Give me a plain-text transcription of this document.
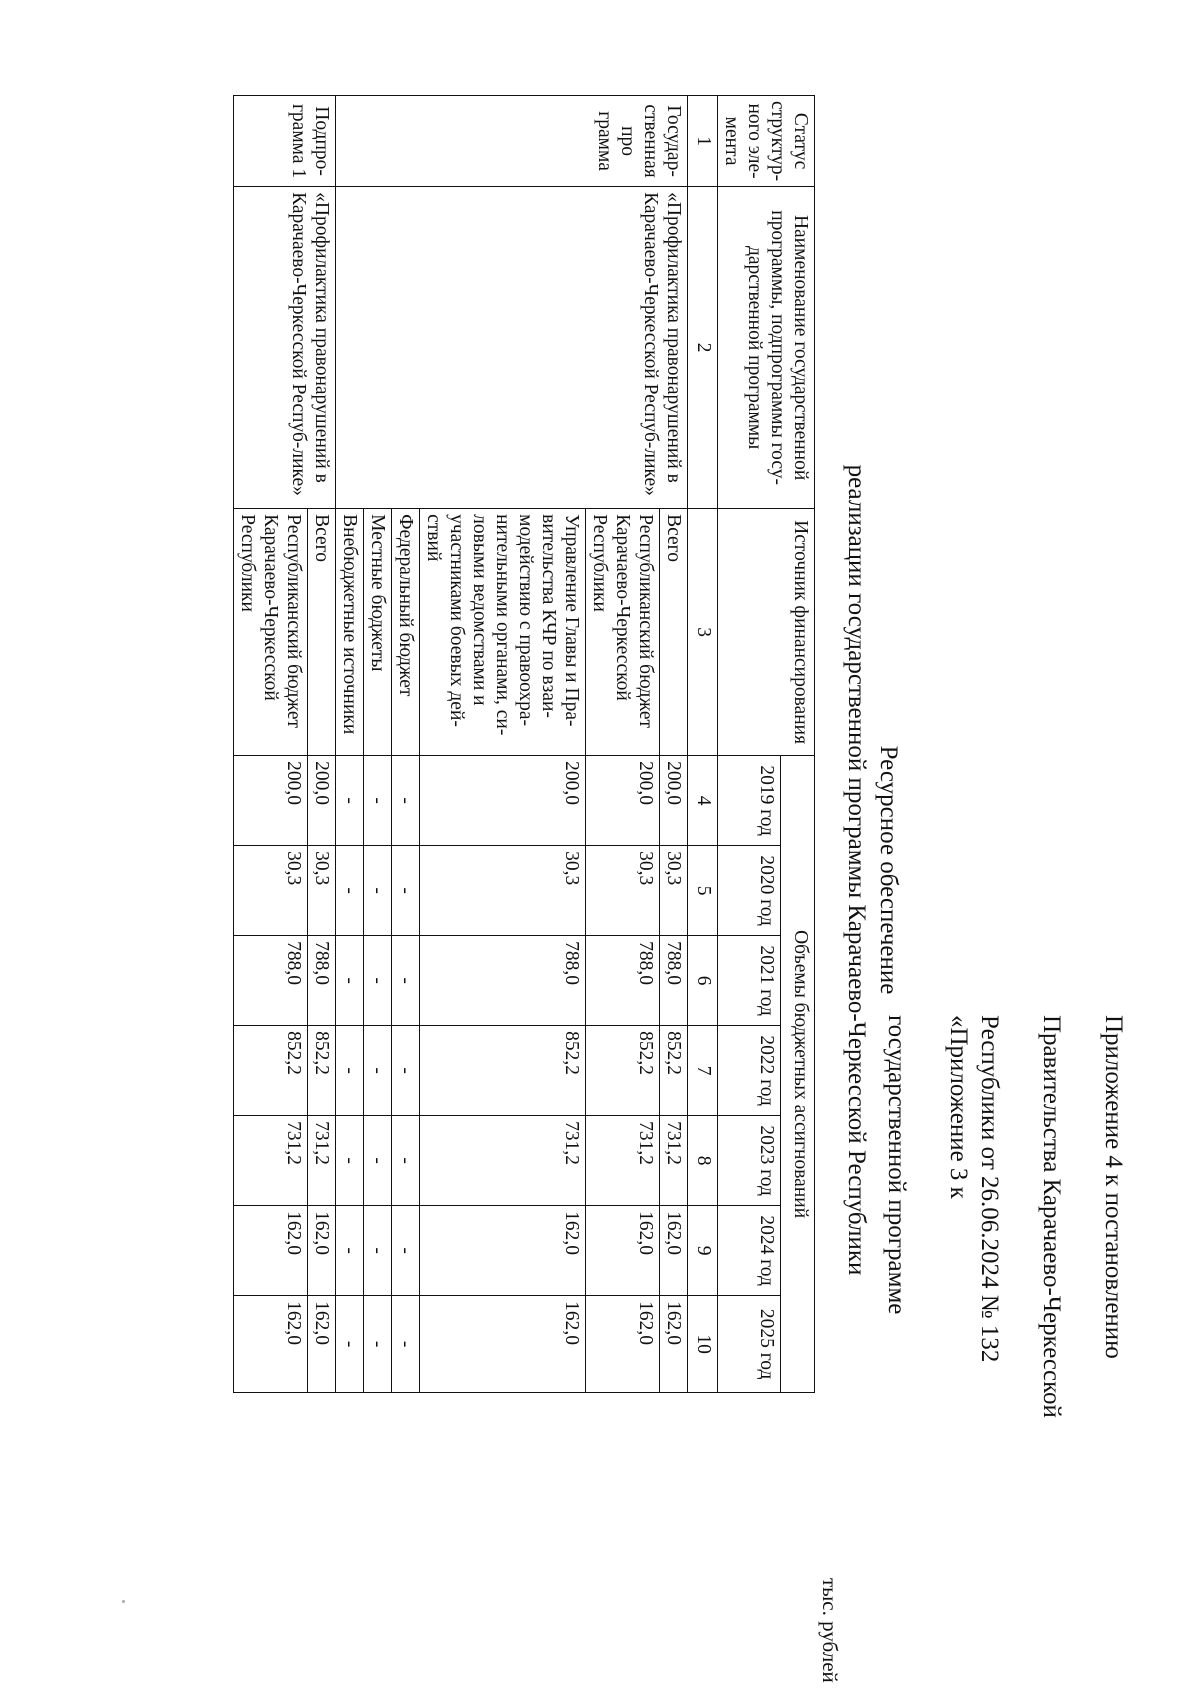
Приложение 4 к постановлению

Правительства Карачаево-Черкесской

Республики от 26.06.2024 № 132

«Приложение 3 к

государственной программе

Ресурсное обеспечение
реализации государственной программы Карачаево-Черкесской Республики
тыс. рублей
Статус структур-ного эле-мента	Наименование государственной программы, подпрограммы госу-дарственной программы	Источник финансирования	Объемы бюджетных ассигнований						
			2019 год	2020 год	2021 год	2022 год	2023 год	2024 год	2025 год
1	2	3	4	5	6	7	8	9	10
Государ-ственная про грамма	«Профилактика правонарушений в Карачаево-Черкесской Респуб-лике»	Всего	200,0	30,3	788,0	852,2	731,2	162,0	162,0
		Республиканский бюджет Карачаево-Черкесской Республики	200,0	30,3	788,0	852,2	731,2	162,0	162,0
		Управление Главы и Пра-вительства КЧР по взаи-модействию с правоохра-нительными органами, си-ловыми ведомствами и участниками боевых дей-ствий	200,0	30,3	788,0	852,2	731,2	162,0	162,0
		Федеральный бюджет	-	-	-	-	-	-	-
		Местные бюджеты	-	-	-	-	-	-	-
		Внебюджетные источники	-	-	-	-	-	-	-
Подпро-грамма 1	«Профилактика правонарушений в Карачаево-Черкесской Респуб-лике»	Всего	200,0	30,3	788,0	852,2	731,2	162,0	162,0
		Республиканский бюджет Карачаево-Черкесской Республики	200,0	30,3	788,0	852,2	731,2	162,0	162,0
